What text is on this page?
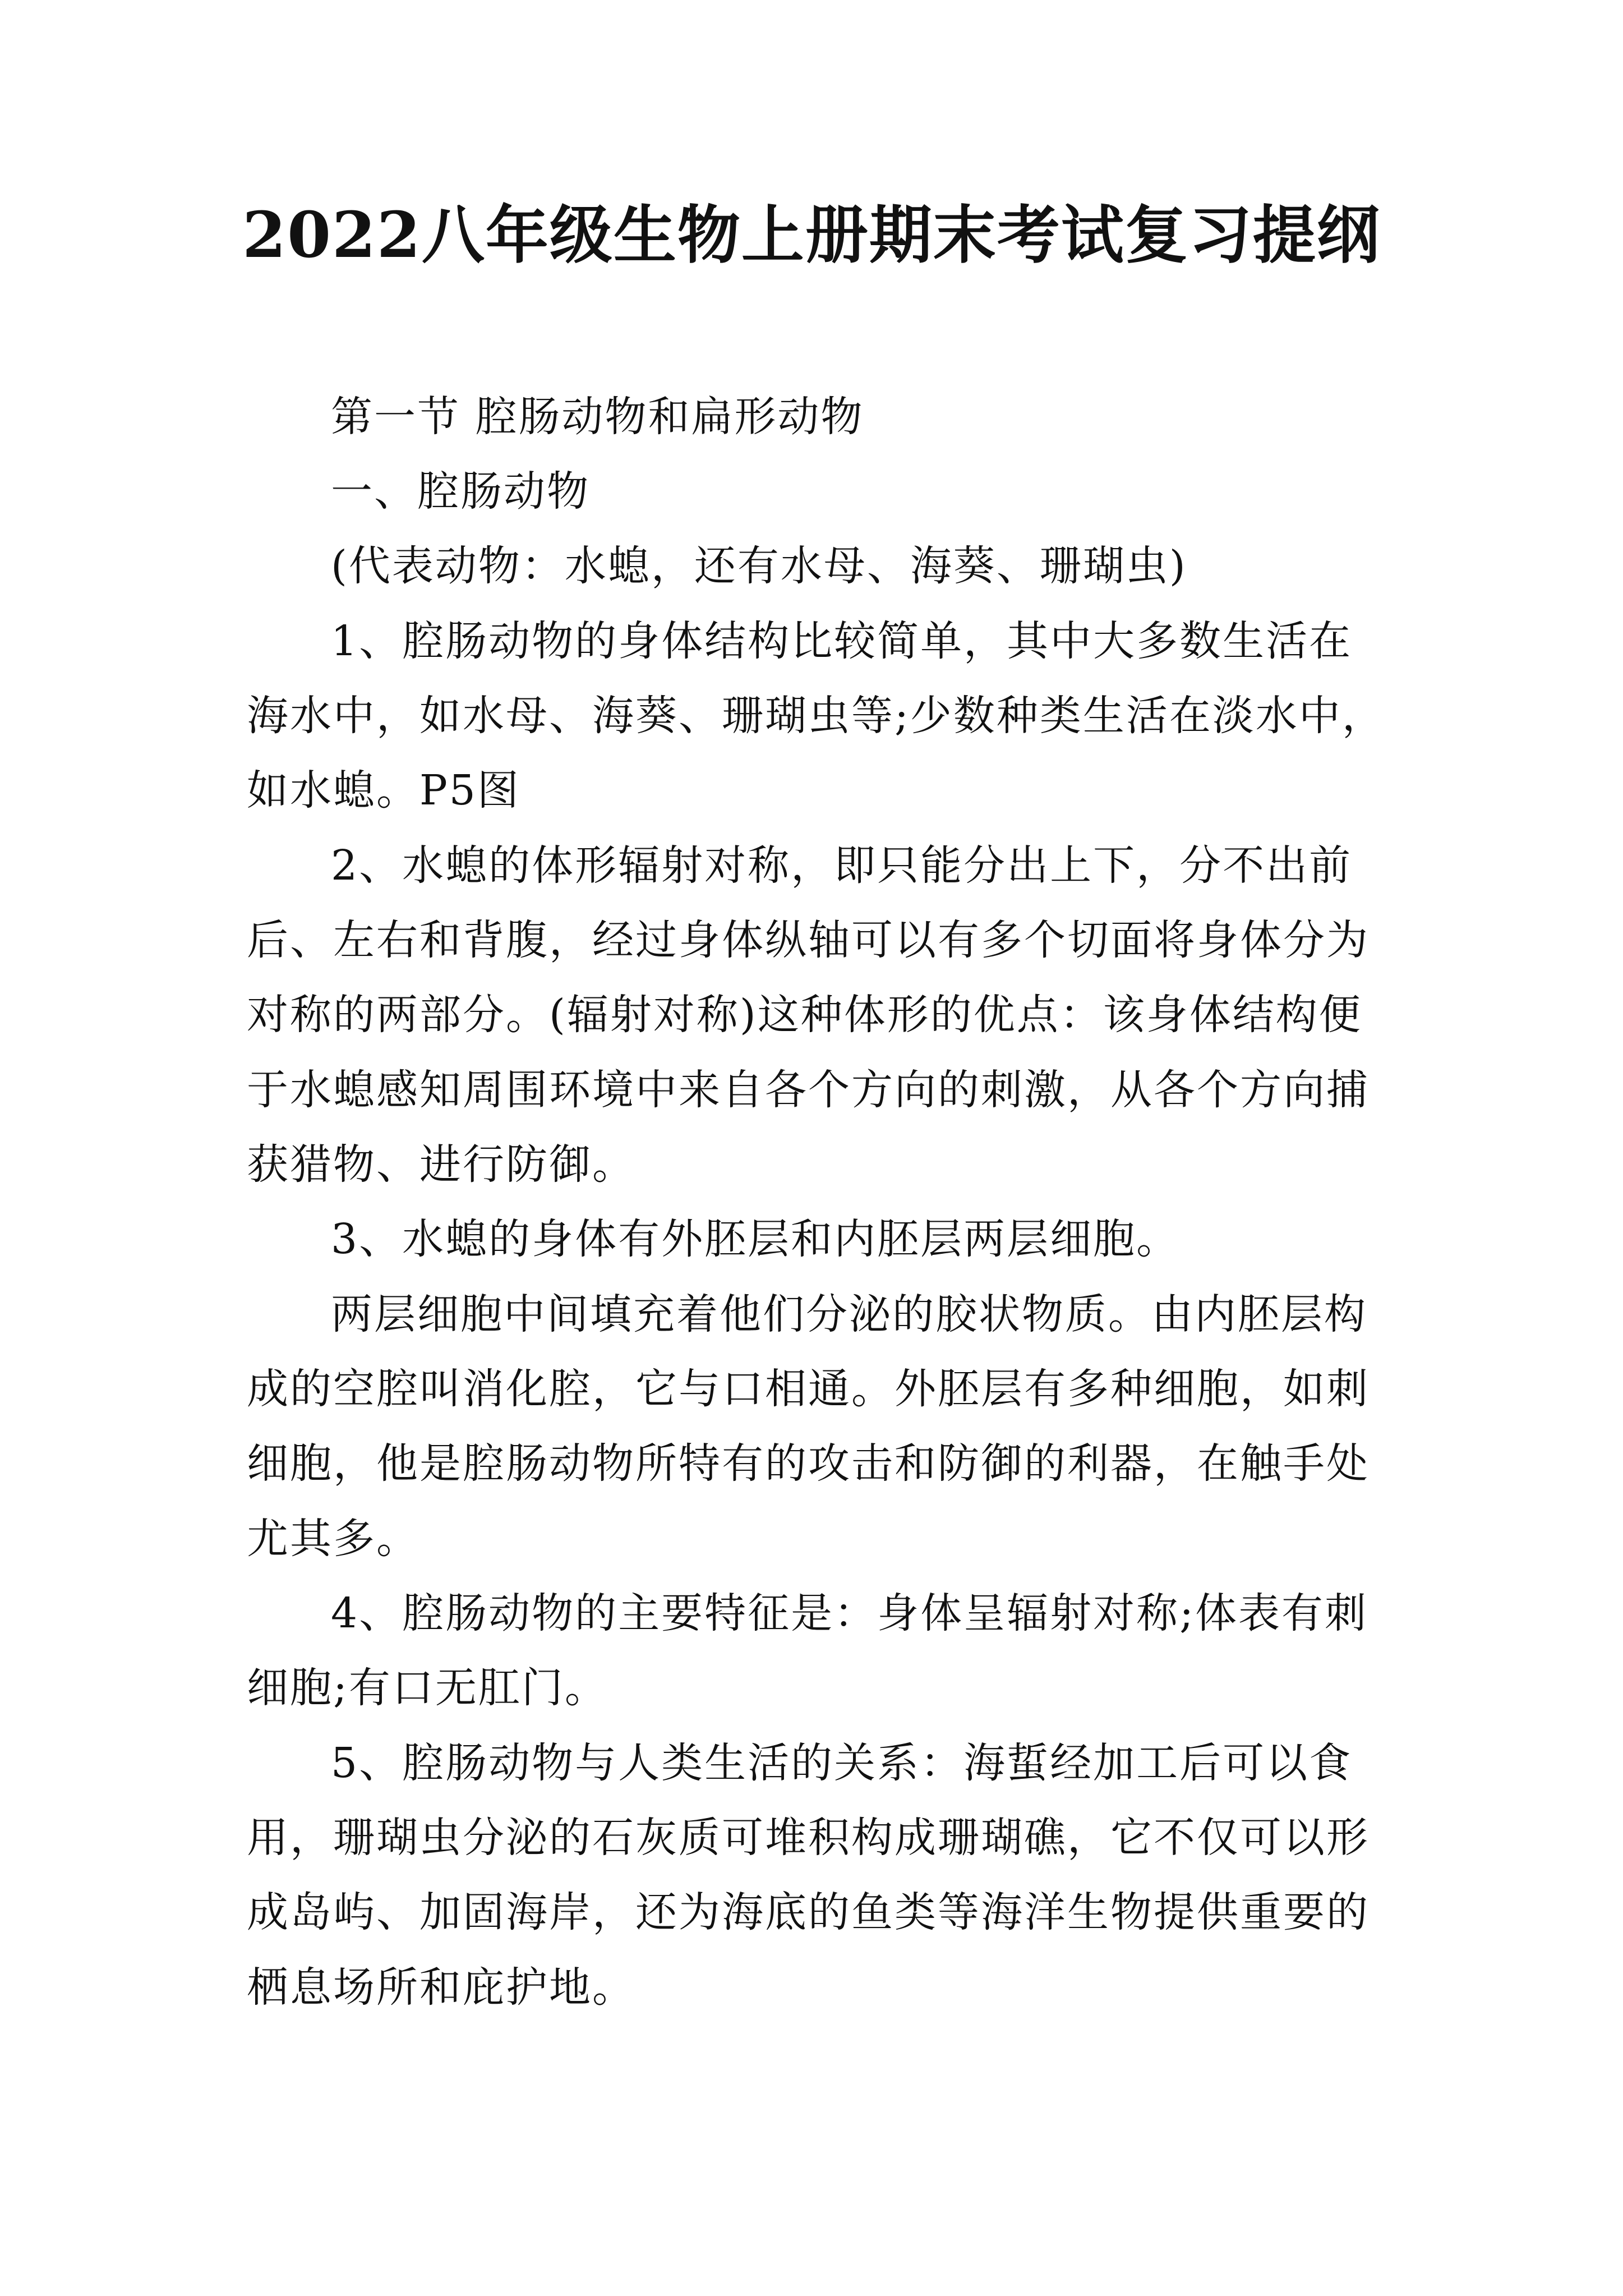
2022八年级生物上册期末考试复习提纲
第一节 腔肠动物和扁形动物
一、腔肠动物
(代表动物：水螅，还有水母、海葵、珊瑚虫)
1、腔肠动物的身体结构比较简单，其中大多数生活在
海水中，如水母、海葵、珊瑚虫等;少数种类生活在淡水中，
如水螅。P5图
2、水螅的体形辐射对称，即只能分出上下，分不出前
后、左右和背腹，经过身体纵轴可以有多个切面将身体分为
对称的两部分。(辐射对称)这种体形的优点：该身体结构便
于水螅感知周围环境中来自各个方向的刺激，从各个方向捕
获猎物、进行防御。
3、水螅的身体有外胚层和内胚层两层细胞。
两层细胞中间填充着他们分泌的胶状物质。由内胚层构
成的空腔叫消化腔，它与口相通。外胚层有多种细胞，如刺
细胞，他是腔肠动物所特有的攻击和防御的利器，在触手处
尤其多。
4、腔肠动物的主要特征是：身体呈辐射对称;体表有刺
细胞;有口无肛门。
5、腔肠动物与人类生活的关系：海蜇经加工后可以食
用，珊瑚虫分泌的石灰质可堆积构成珊瑚礁，它不仅可以形
成岛屿、加固海岸，还为海底的鱼类等海洋生物提供重要的
栖息场所和庇护地。
